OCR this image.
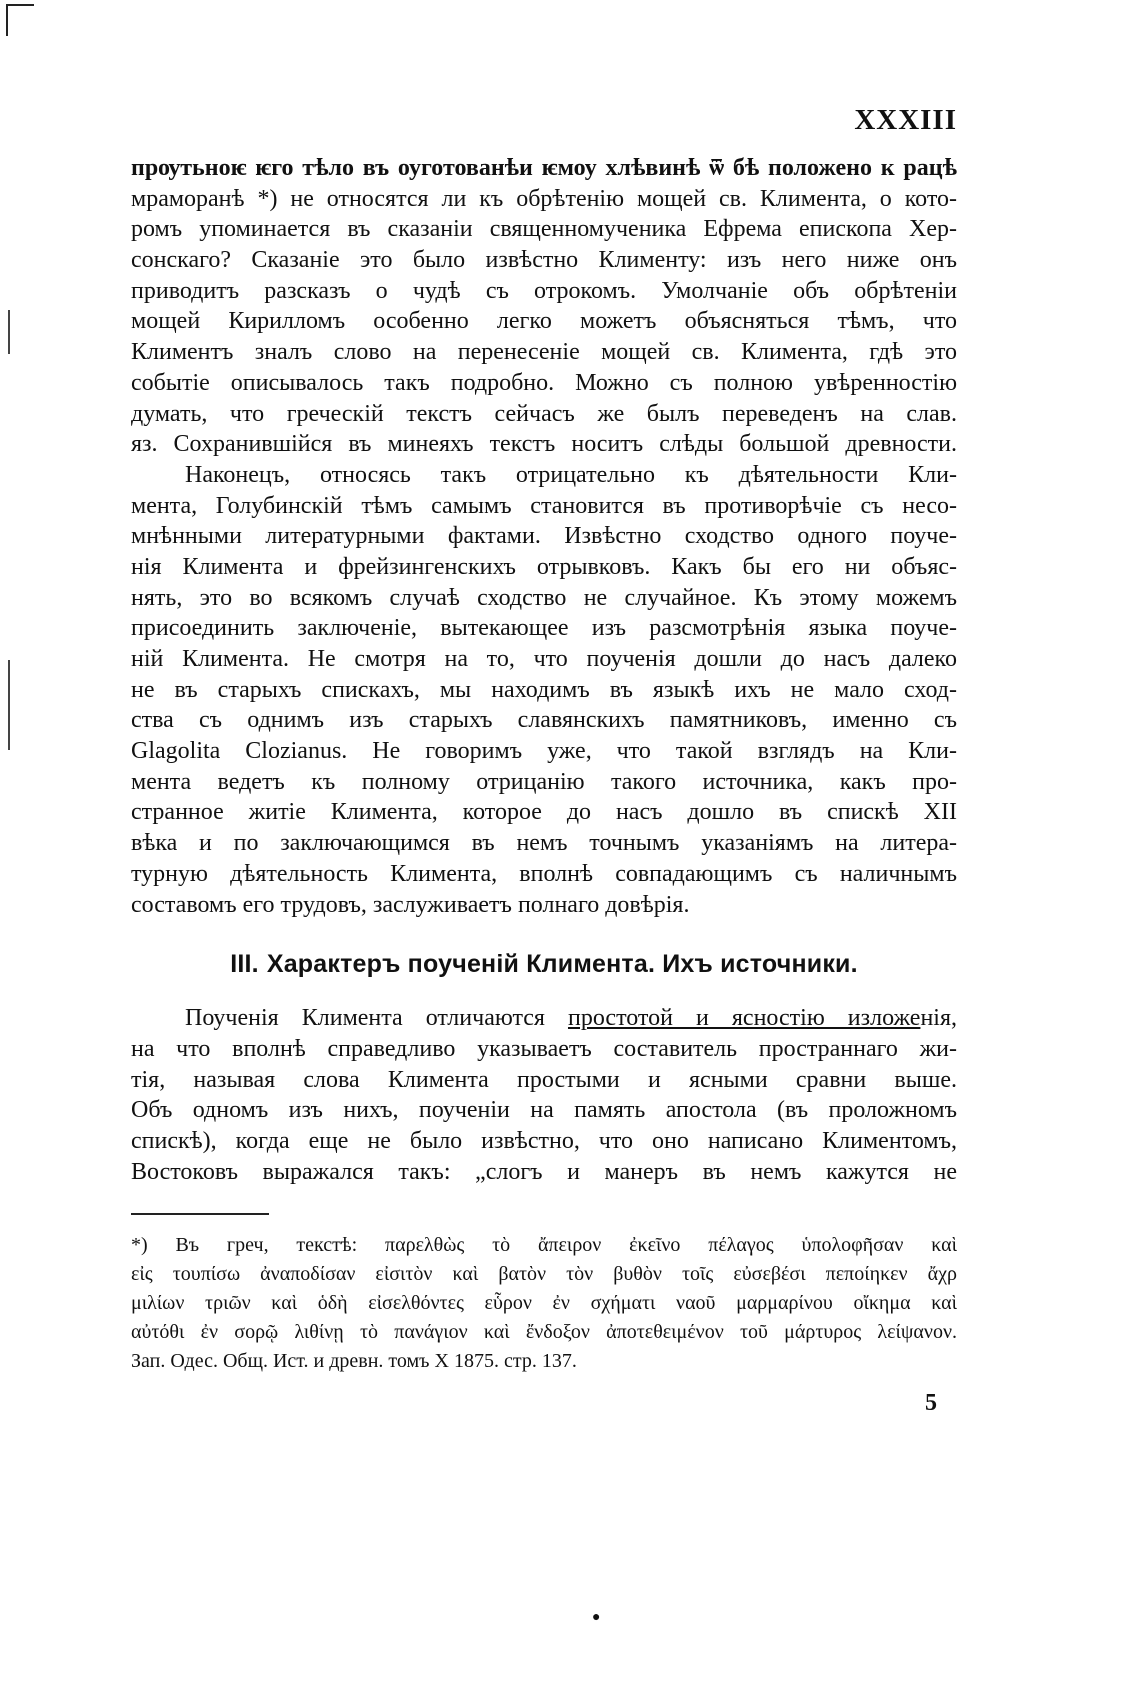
XXXIII
прѹтьноѥ ѥго тѣло въ оуготованѣи ѥмоу хлѣвинѣ ѿ бѣ положено к рацѣ
мраморанѣ *) не относятся ли къ обрѣтенію мощей св. Климента, о кото-
ромъ упоминается въ сказаніи священномученика Ефрема епископа Хер-
сонскаго? Сказаніе это было извѣстно Клименту: изъ него ниже онъ
приводитъ разсказъ о чудѣ съ отрокомъ. Умолчаніе объ обрѣтеніи
мощей Кирилломъ особенно легко можетъ объясняться тѣмъ, что
Климентъ зналъ слово на перенесеніе мощей св. Климента, гдѣ это
событіе описывалось такъ подробно. Можно съ полною увѣренностію
думать, что греческій текстъ сейчасъ же былъ переведенъ на слав.
яз. Сохранившійся въ минеяхъ текстъ носитъ слѣды большой древности.
Наконецъ, относясь такъ отрицательно къ дѣятельности Кли-
мента, Голубинскій тѣмъ самымъ становится въ противорѣчіе съ несо-
мнѣнными литературными фактами. Извѣстно сходство одного поуче-
нія Климента и фрейзингенскихъ отрывковъ. Какъ бы его ни объяс-
нять, это во всякомъ случаѣ сходство не случайное. Къ этому можемъ
присоединить заключеніе, вытекающее изъ разсмотрѣнія языка поуче-
ній Климента. Не смотря на то, что поученія дошли до насъ далеко
не въ старыхъ спискахъ, мы находимъ въ языкѣ ихъ не мало сход-
ства съ однимъ изъ старыхъ славянскихъ памятниковъ, именно съ
Glagolita Clozianus. Не говоримъ уже, что такой взглядъ на Кли-
мента ведетъ къ полному отрицанію такого источника, какъ про-
странное житіе Климента, которое до насъ дошло въ спискѣ XII
вѣка и по заключающимся въ немъ точнымъ указаніямъ на литера-
турную дѣятельность Климента, вполнѣ совпадающимъ съ наличнымъ
составомъ его трудовъ, заслуживаетъ полнаго довѣрія.
III. Характеръ поученій Климента. Ихъ источники.
Поученія Климента отличаются простотой и ясностію изложенія,
на что вполнѣ справедливо указываетъ составитель пространнаго жи-
тія, называя слова Климента простыми и ясными сравни выше.
Объ одномъ изъ нихъ, поученіи на память апостола (въ проложномъ
спискѣ), когда еще не было извѣстно, что оно написано Климентомъ,
Востоковъ выражался такъ: „слогъ и манеръ въ немъ кажутся не
*) Въ греч, текстѣ: παρελθὼς τὸ ἄπειρον ἐκεῖνο πέλαγος ὑπολοφῆσαν καὶ
εἰς τουπίσω ἀναποδίσαν εἰσιτὸν καὶ βατὸν τὸν βυθὸν τοῖς εὐσεβέσι πεποίηκεν ἄχρ
μιλίων τριῶν καὶ ὁδὴ εἰσελθόντες εὗρον ἐν σχήματι ναοῦ μαρμαρίνου οἴκημα καὶ
αὐτόθι ἐν σορῷ λιθίνῃ τὸ πανάγιον καὶ ἔνδοξον ἀποτεθειμένον τοῦ μάρτυρος λείψανον.
Зап. Одес. Общ. Ист. и древн. томъ X 1875. стр. 137.
5
●
